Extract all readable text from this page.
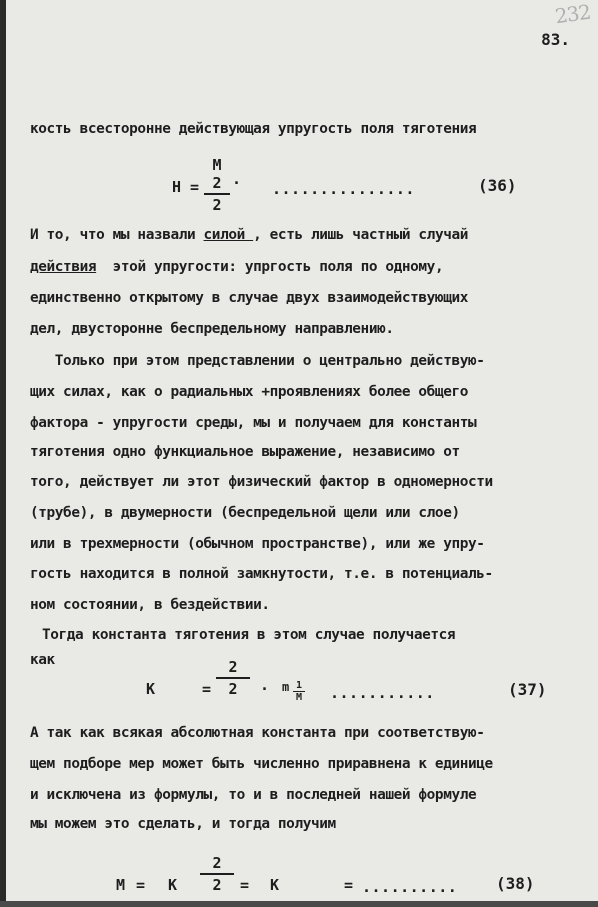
232
83.
кость всесторонне действующая упругость поля тяготения
Н =
М 2
2
.
...............	(36)
И то, что мы назвали силой , есть лишь частный случай
действия  этой упругости: упргость поля по одному,
единственно открытому в случае двух взаимодействующих
дел, двусторонне беспредельному направлению.
Только при этом представлении о центрально действую-
щих силах, как о радиальных +проявлениях более общего
фактора - упругости среды, мы и получаем для константы
тяготения одно функциальное выражение, независимо от
того, действует ли этот физический фактор в одномерности
(трубе), в двумерности (беспредельной щели или слое)
или в трехмерности (обычном пространстве), или же упру-
гость находится в полной замкнутости, т.е. в потенциаль-
ном состоянии, в бездействии.
Тогда константа тяготения в этом случае получается
как
К	=
2
2	· m 1
М ...........	(37)
А так как всякая абсолютная константа при соответствую-
щем подборе мер может быть численно приравнена к единице
и исключена из формулы, то и в последней нашей формуле
мы можем это сделать, и тогда получим
М = К
2
2	= К	= .......... (38)
